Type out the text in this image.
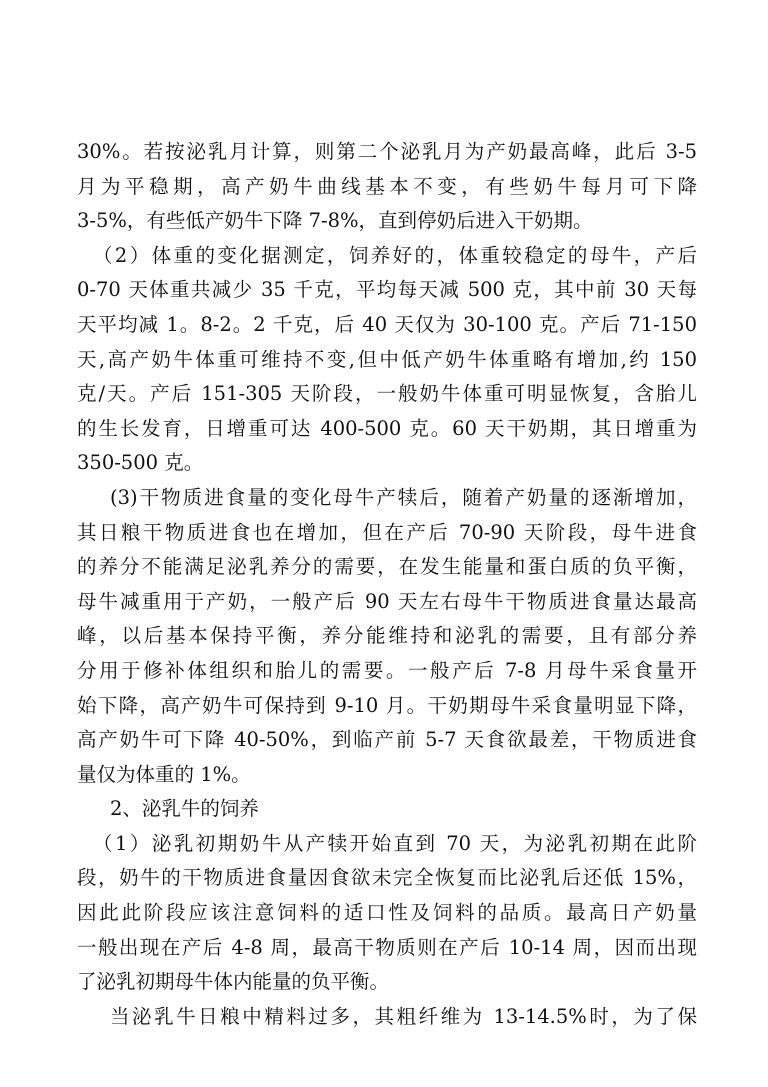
30%。若按泌乳月计算，则第二个泌乳月为产奶最高峰，此后 3-5
月为平稳期，高产奶牛曲线基本不变，有些奶牛每月可下降
3-5%，有些低产奶牛下降 7-8%，直到停奶后进入干奶期。
（2）体重的变化据测定，饲养好的，体重较稳定的母牛，产后
0-70 天体重共减少 35 千克，平均每天减 500 克，其中前 30 天每
天平均减 1。8-2。2 千克，后 40 天仅为 30-100 克。产后 71-150
天,高产奶牛体重可维持不变,但中低产奶牛体重略有增加,约 150
克/天。产后 151-305 天阶段，一般奶牛体重可明显恢复，含胎儿
的生长发育，日增重可达 400-500 克。60 天干奶期，其日增重为
350-500 克。
(3)干物质进食量的变化母牛产犊后，随着产奶量的逐渐增加，
其日粮干物质进食也在增加，但在产后 70-90 天阶段，母牛进食
的养分不能满足泌乳养分的需要，在发生能量和蛋白质的负平衡，
母牛减重用于产奶，一般产后 90 天左右母牛干物质进食量达最高
峰，以后基本保持平衡，养分能维持和泌乳的需要，且有部分养
分用于修补体组织和胎儿的需要。一般产后 7-8 月母牛采食量开
始下降，高产奶牛可保持到 9-10 月。干奶期母牛采食量明显下降，
高产奶牛可下降 40-50%，到临产前 5-7 天食欲最差，干物质进食
量仅为体重的 1%。
2、泌乳牛的饲养
（1）泌乳初期奶牛从产犊开始直到 70 天，为泌乳初期在此阶
段，奶牛的干物质进食量因食欲未完全恢复而比泌乳后还低 15%，
因此此阶段应该注意饲料的适口性及饲料的品质。最高日产奶量
一般出现在产后 4-8 周，最高干物质则在产后 10-14 周，因而出现
了泌乳初期母牛体内能量的负平衡。
当泌乳牛日粮中精料过多，其粗纤维为 13-14.5%时，为了保
